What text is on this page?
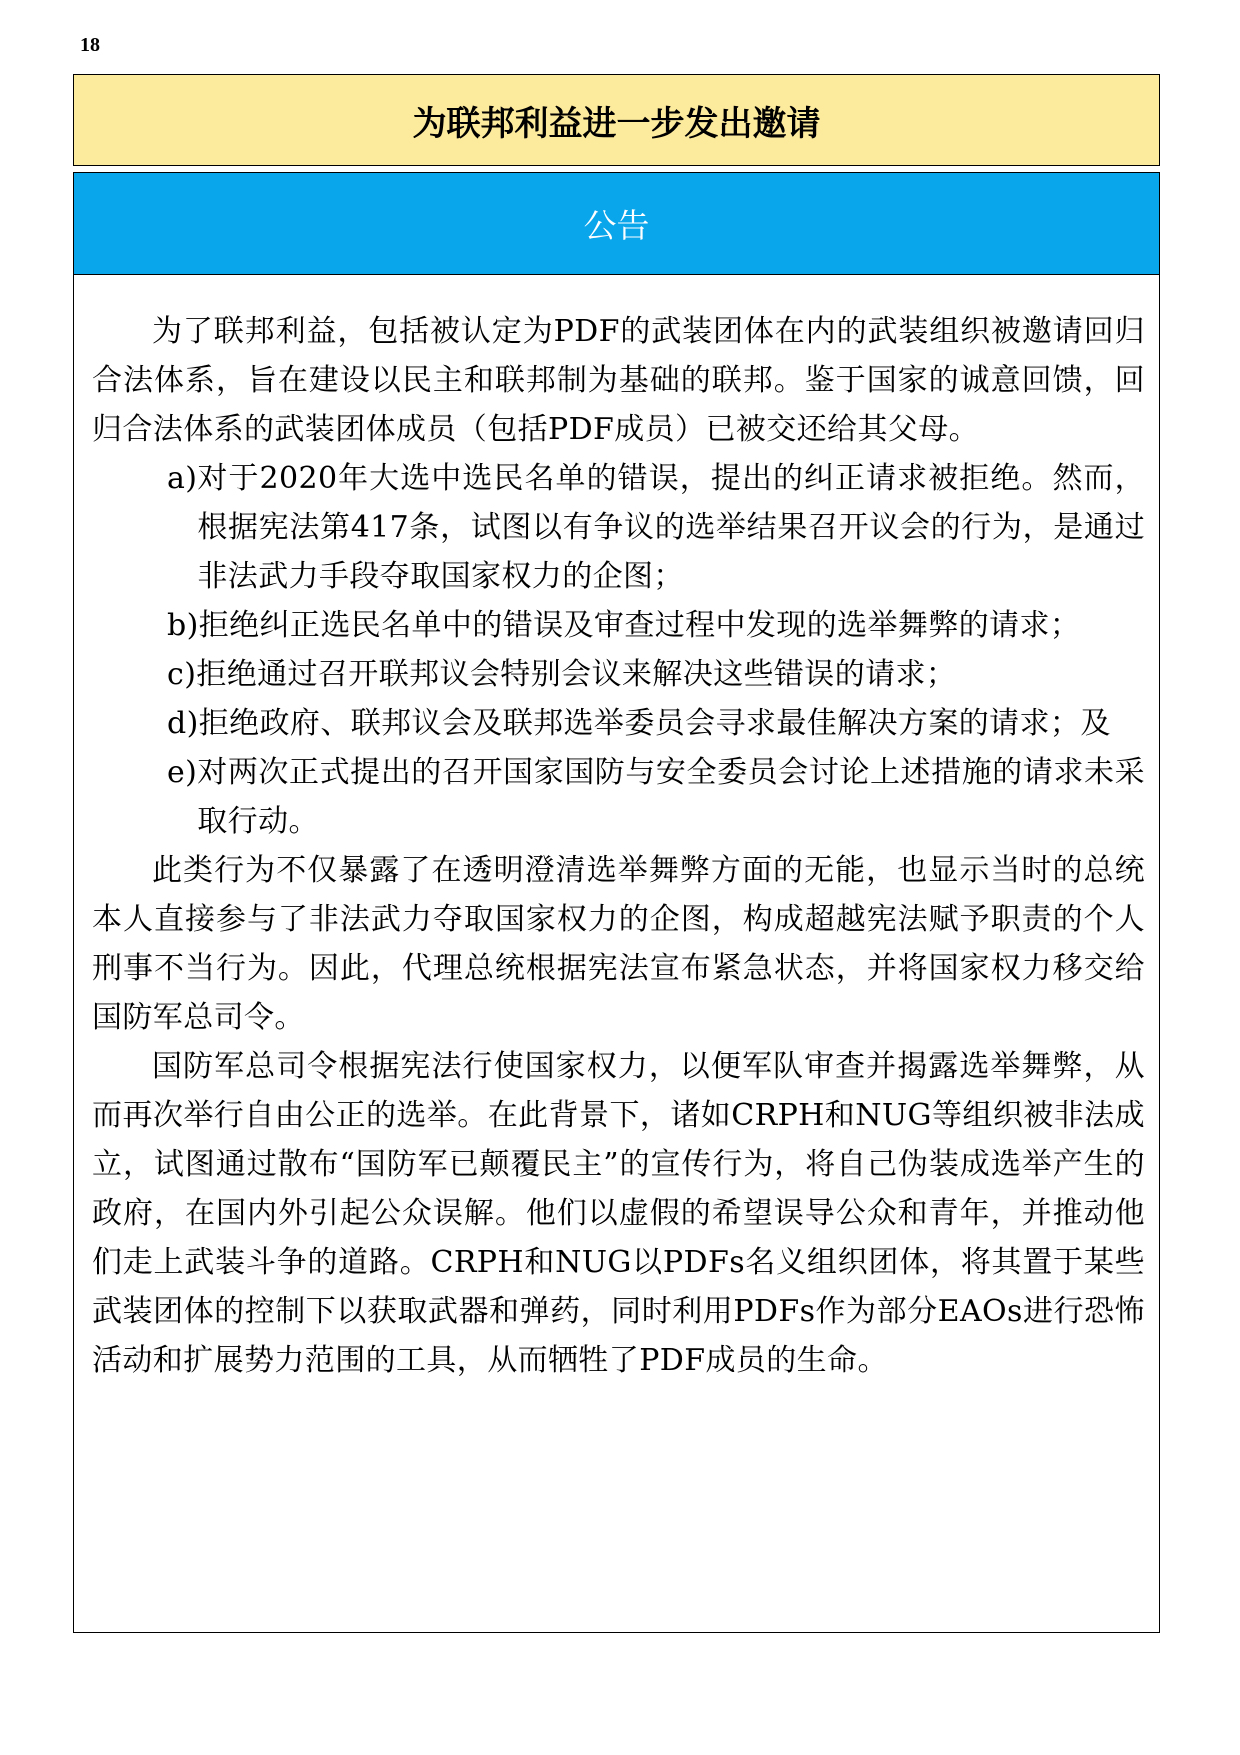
18
为联邦利益进一步发出邀请
公告

为了联邦利益，包括被认定为PDF的武装团体在内的武装组织被邀请回归合法体系，旨在建设以民主和联邦制为基础的联邦。鉴于国家的诚意回馈，回归合法体系的武装团体成员（包括PDF成员）已被交还给其父母。

a) 对于2020年大选中选民名单的错误，提出的纠正请求被拒绝。然而，根据宪法第417条，试图以有争议的选举结果召开议会的行为，是通过非法武力手段夺取国家权力的企图；
b) 拒绝纠正选民名单中的错误及审查过程中发现的选举舞弊的请求；
c) 拒绝通过召开联邦议会特别会议来解决这些错误的请求；
d) 拒绝政府、联邦议会及联邦选举委员会寻求最佳解决方案的请求；及
e) 对两次正式提出的召开国家国防与安全委员会讨论上述措施的请求未采取行动。

此类行为不仅暴露了在透明澄清选举舞弊方面的无能，也显示当时的总统本人直接参与了非法武力夺取国家权力的企图，构成超越宪法赋予职责的个人刑事不当行为。因此，代理总统根据宪法宣布紧急状态，并将国家权力移交给国防军总司令。

国防军总司令根据宪法行使国家权力，以便军队审查并揭露选举舞弊，从而再次举行自由公正的选举。在此背景下，诸如CRPH和NUG等组织被非法成立，试图通过散布“国防军已颠覆民主”的宣传行为，将自己伪装成选举产生的政府，在国内外引起公众误解。他们以虚假的希望误导公众和青年，并推动他们走上武装斗争的道路。CRPH和NUG以PDFs名义组织团体，将其置于某些武装团体的控制下以获取武器和弹药，同时利用PDFs作为部分EAOs进行恐怖活动和扩展势力范围的工具，从而牺牲了PDF成员的生命。
